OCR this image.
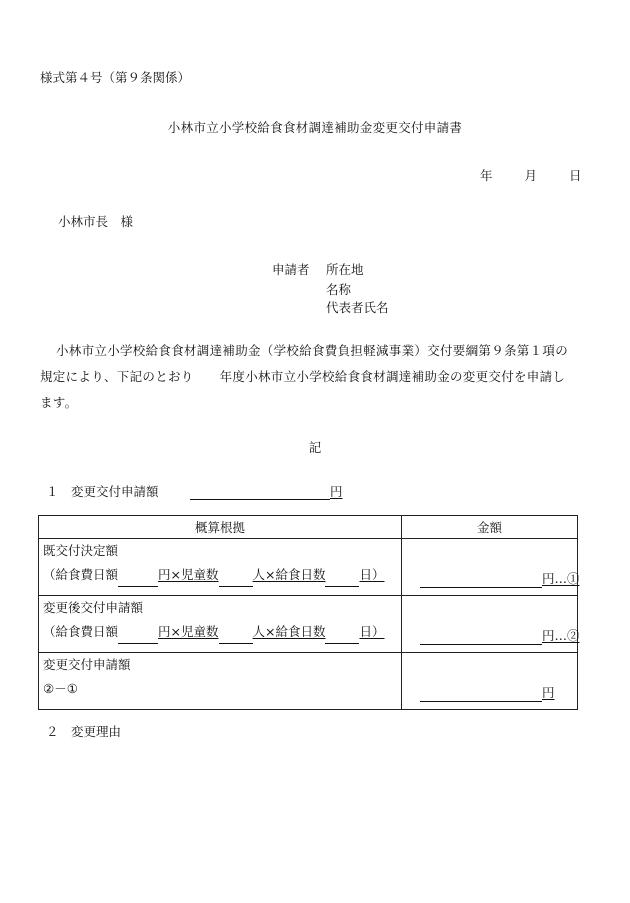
様式第４号（第９条関係）
小林市立小学校給食食材調達補助金変更交付申請書
年	月	日
小林市長　様
申請者 所在地
名称
代表者氏名
小林市立小学校給食食材調達補助金（学校給食費負担軽減事業）交付要綱第９条第１項の
規定により、下記のとおり 年度小林市立小学校給食食材調達補助金の変更交付を申請し
ます。
記
１　変更交付申請額	円
概算根拠	金額

既交付決定額
（給食費日額 円×児童数 人×給食日数 日）	円…①

変更後交付申請額
（給食費日額 円×児童数 人×給食日数 日）	円…②

変更交付申請額
②－①	円
２　変更理由
